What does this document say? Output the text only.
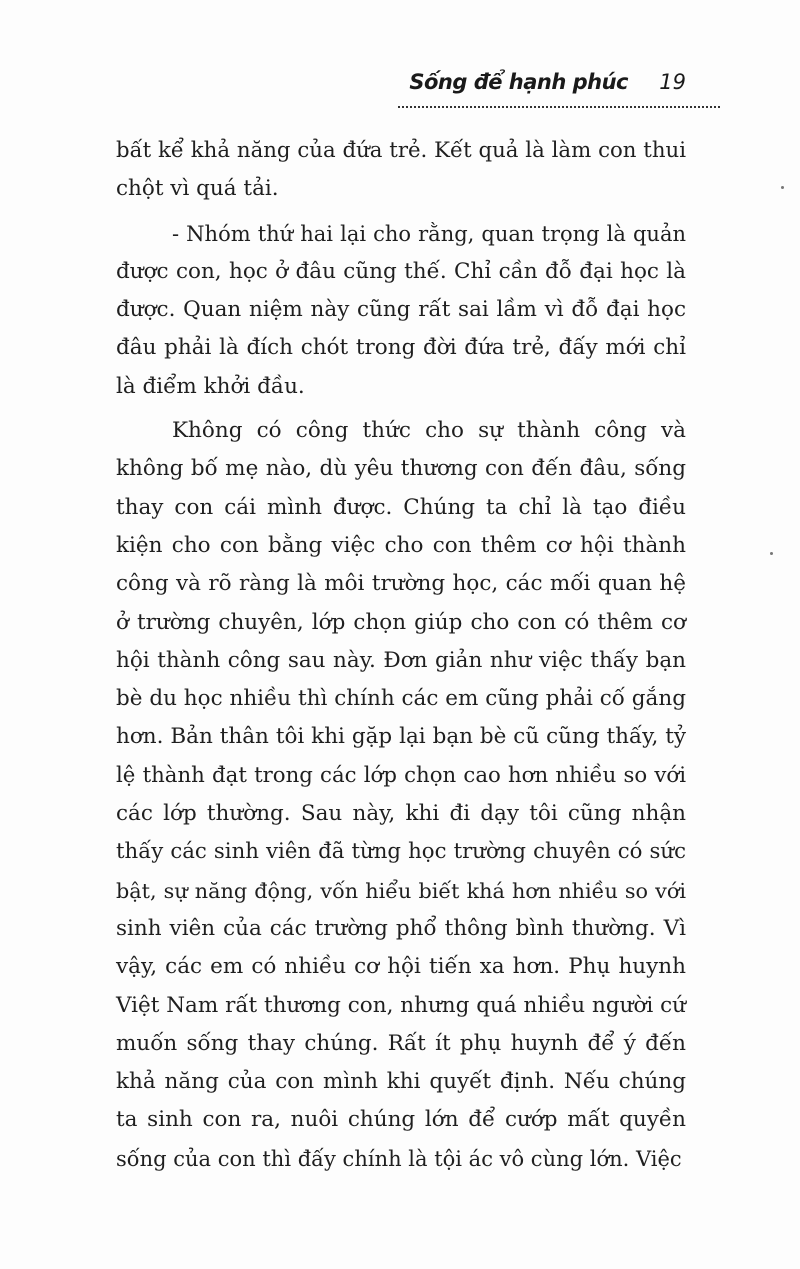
Sống để hạnh phúc 19
bất kể khả năng của đứa trẻ. Kết quả là làm con thui
chột vì quá tải.
- Nhóm thứ hai lại cho rằng, quan trọng là quản
được con, học ở đâu cũng thế. Chỉ cần đỗ đại học là
được. Quan niệm này cũng rất sai lầm vì đỗ đại học
đâu phải là đích chót trong đời đứa trẻ, đấy mới chỉ
là điểm khởi đầu.
Không có công thức cho sự thành công và
không bố mẹ nào, dù yêu thương con đến đâu, sống
thay con cái mình được. Chúng ta chỉ là tạo điều
kiện cho con bằng việc cho con thêm cơ hội thành
công và rõ ràng là môi trường học, các mối quan hệ
ở trường chuyên, lớp chọn giúp cho con có thêm cơ
hội thành công sau này. Đơn giản như việc thấy bạn
bè du học nhiều thì chính các em cũng phải cố gắng
hơn. Bản thân tôi khi gặp lại bạn bè cũ cũng thấy, tỷ
lệ thành đạt trong các lớp chọn cao hơn nhiều so với
các lớp thường. Sau này, khi đi dạy tôi cũng nhận
thấy các sinh viên đã từng học trường chuyên có sức
bật, sự năng động, vốn hiểu biết khá hơn nhiều so với
sinh viên của các trường phổ thông bình thường. Vì
vậy, các em có nhiều cơ hội tiến xa hơn. Phụ huynh
Việt Nam rất thương con, nhưng quá nhiều người cứ
muốn sống thay chúng. Rất ít phụ huynh để ý đến
khả năng của con mình khi quyết định. Nếu chúng
ta sinh con ra, nuôi chúng lớn để cướp mất quyền
sống của con thì đấy chính là tội ác vô cùng lớn. Việc
